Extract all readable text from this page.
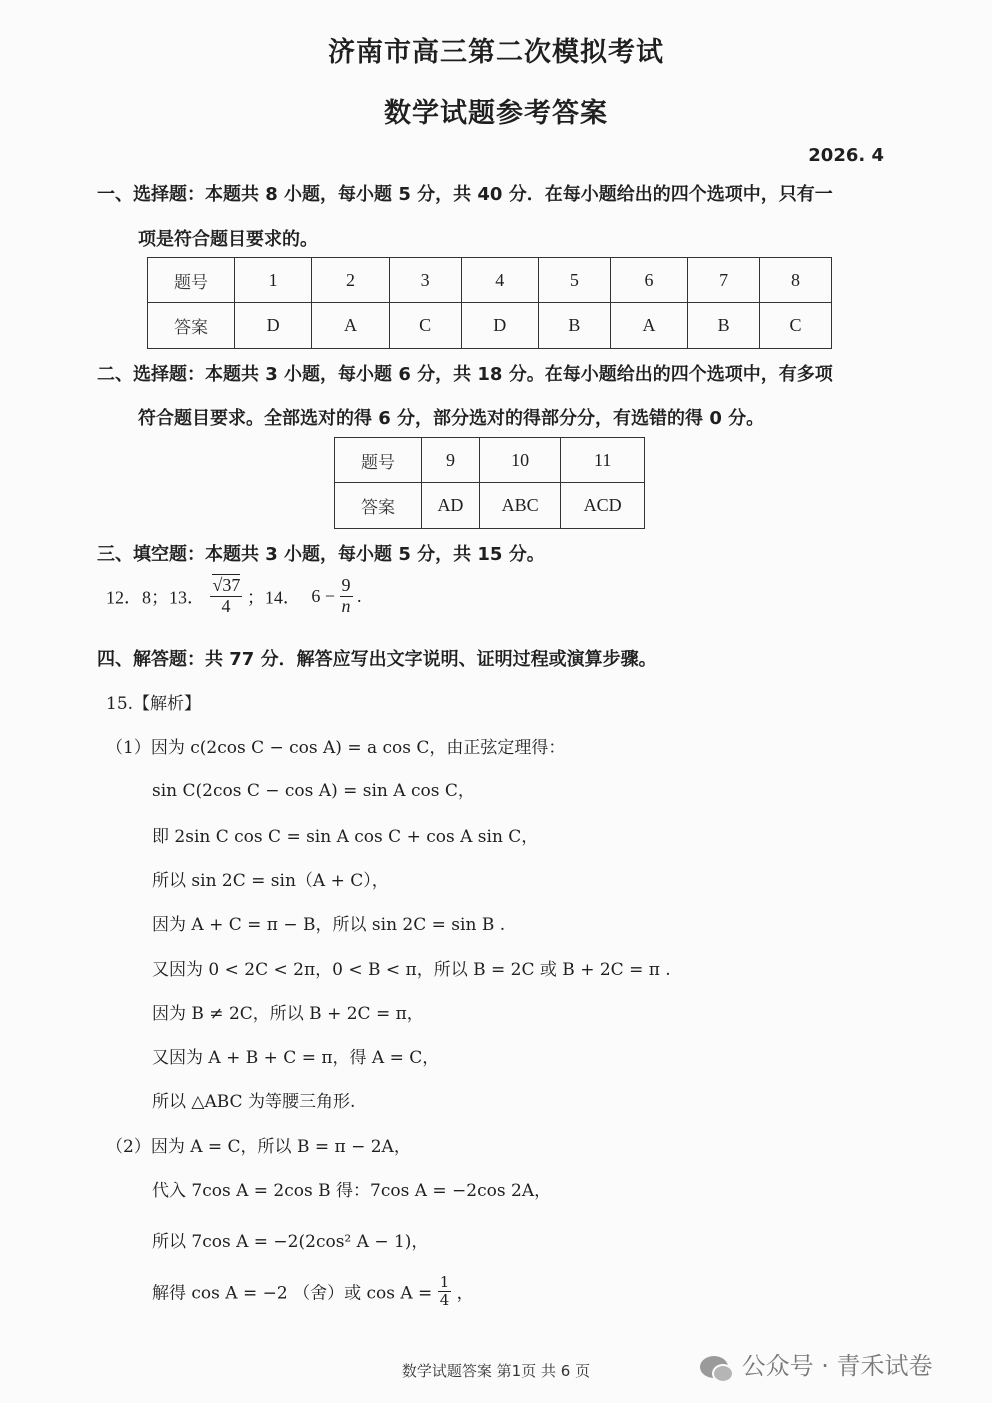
济南市高三第二次模拟考试
数学试题参考答案
2026. 4
一、选择题：本题共 8 小题，每小题 5 分，共 40 分．在每小题给出的四个选项中，只有一
项是符合题目要求的。
题号	1	2	3	4	5	6	7	8
答案	D	A	C	D	B	A	B	C
二、选择题：本题共 3 小题，每小题 6 分，共 18 分。在每小题给出的四个选项中，有多项
符合题目要求。全部选对的得 6 分，部分选对的得部分分，有选错的得 0 分。
题号	9	10	11
答案	AD	ABC	ACD
三、填空题：本题共 3 小题，每小题 5 分，共 15 分。
12．8；13． $\frac{√37}{4}$ ；14． $6 - \frac{9}{n}$ .
四、解答题：共 77 分．解答应写出文字说明、证明过程或演算步骤。
15.【解析】
（1）因为 c(2cos C − cos A) = a cos C，由正弦定理得：
sin C(2cos C − cos A) = sin A cos C，
即 2sin C cos C = sin A cos C + cos A sin C，
所以 sin 2C = sin（A + C），
因为 A + C = π − B，所以 sin 2C = sin B .
又因为 0 < 2C < 2π，0 < B < π，所以 B = 2C 或 B + 2C = π .
因为 B ≠ 2C，所以 B + 2C = π，
又因为 A + B + C = π，得 A = C，
所以 △ABC 为等腰三角形.
（2）因为 A = C，所以 B = π − 2A，
代入 7cos A = 2cos B 得：7cos A = −2cos 2A，
所以 7cos A = −2(2cos² A − 1)，
解得 cos A = −2 （舍）或 $\cos A = \frac{1}{4}$ ，
数学试题答案 第1页 共 6 页	公众号 · 青禾试卷
